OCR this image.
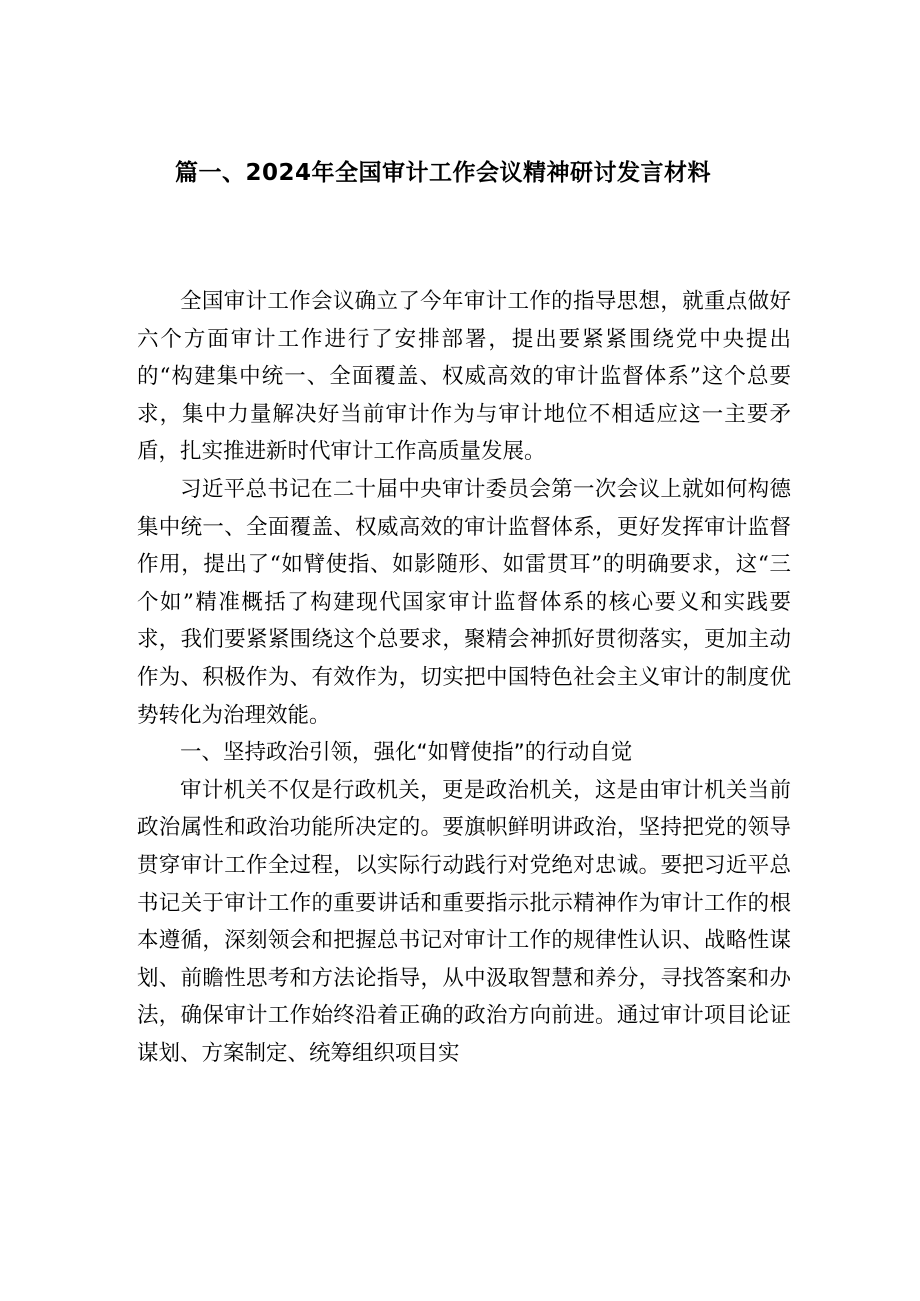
篇一、2024年全国审计工作会议精神研讨发言材料

全国审计工作会议确立了今年审计工作的指导思想，就重点做好六个方面审计工作进行了安排部署，提出要紧紧围绕党中央提出的“构建集中统一、全面覆盖、权威高效的审计监督体系”这个总要求，集中力量解决好当前审计作为与审计地位不相适应这一主要矛盾，扎实推进新时代审计工作高质量发展。

习近平总书记在二十届中央审计委员会第一次会议上就如何构德集中统一、全面覆盖、权威高效的审计监督体系，更好发挥审计监督作用，提出了“如臂使指、如影随形、如雷贯耳”的明确要求，这“三个如”精准概括了构建现代国家审计监督体系的核心要义和实践要求，我们要紧紧围绕这个总要求，聚精会神抓好贯彻落实，更加主动作为、积极作为、有效作为，切实把中国特色社会主义审计的制度优势转化为治理效能。

一、坚持政治引领，强化“如臂使指”的行动自觉

审计机关不仅是行政机关，更是政治机关，这是由审计机关当前政治属性和政治功能所决定的。要旗帜鲜明讲政治，坚持把党的领导贯穿审计工作全过程，以实际行动践行对党绝对忠诚。要把习近平总书记关于审计工作的重要讲话和重要指示批示精神作为审计工作的根本遵循，深刻领会和把握总书记对审计工作的规律性认识、战略性谋划、前瞻性思考和方法论指导，从中汲取智慧和养分，寻找答案和办法，确保审计工作始终沿着正确的政治方向前进。通过审计项目论证谋划、方案制定、统筹组织项目实
